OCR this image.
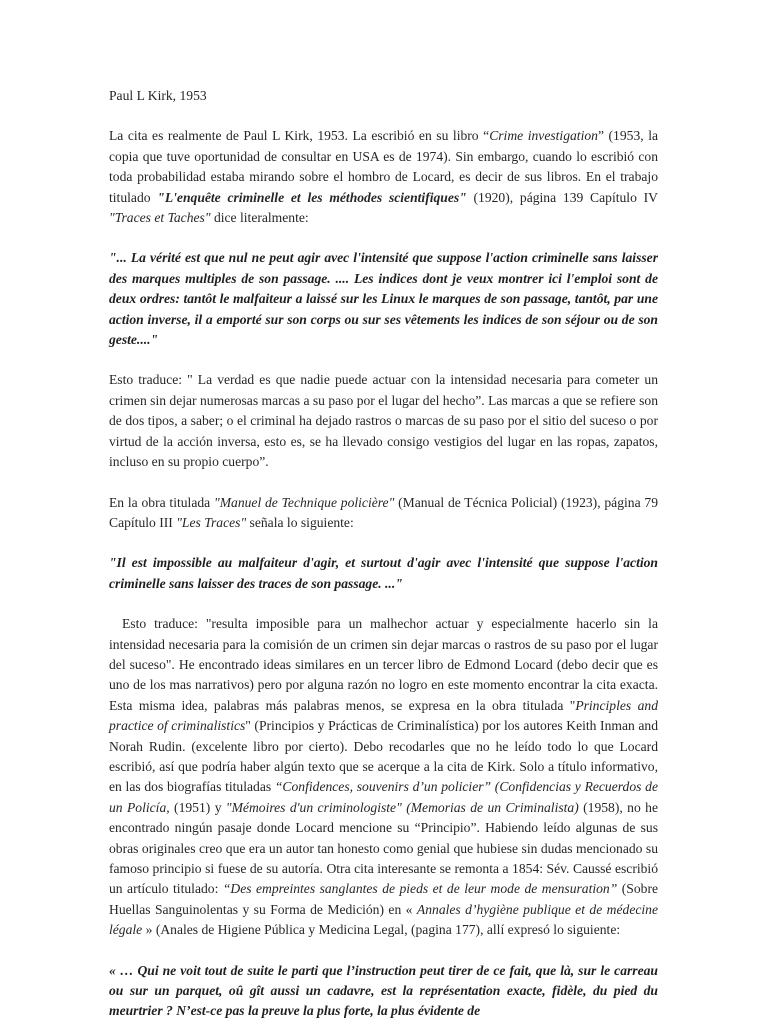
Paul L Kirk, 1953

La cita es realmente de Paul L Kirk, 1953. La escribió en su libro “Crime investigation” (1953, la copia que tuve oportunidad de consultar en USA es de 1974). Sin embargo, cuando lo escribió con toda probabilidad estaba mirando sobre el hombro de Locard, es decir de sus libros. En el trabajo titulado "L'enquête criminelle et les méthodes scientifiques" (1920), página 139 Capítulo IV "Traces et Taches" dice literalmente:

"... La vérité est que nul ne peut agir avec l'intensité que suppose l'action criminelle sans laisser des marques multiples de son passage. .... Les indices dont je veux montrer ici l'emploi sont de deux ordres: tantôt le malfaiteur a laissé sur les Linux le marques de son passage, tantôt, par une action inverse, il a emporté sur son corps ou sur ses vêtements les indices de son séjour ou de son geste...."

Esto traduce: " La verdad es que nadie puede actuar con la intensidad necesaria para cometer un crimen sin dejar numerosas marcas a su paso por el lugar del hecho”. Las marcas a que se refiere son de dos tipos, a saber; o el criminal ha dejado rastros o marcas de su paso por el sitio del suceso o por virtud de la acción inversa, esto es, se ha llevado consigo vestigios del lugar en las ropas, zapatos, incluso en su propio cuerpo”.

En la obra titulada "Manuel de Technique policière" (Manual de Técnica Policial) (1923), página 79 Capítulo III "Les Traces" señala lo siguiente:

"Il est impossible au malfaiteur d'agir, et surtout d'agir avec l'intensité que suppose l'action criminelle sans laisser des traces de son passage. ..."

Esto traduce: "resulta imposible para un malhechor actuar y especialmente hacerlo sin la intensidad necesaria para la comisión de un crimen sin dejar marcas o rastros de su paso por el lugar del suceso". He encontrado ideas similares en un tercer libro de Edmond Locard (debo decir que es uno de los mas narrativos) pero por alguna razón no logro en este momento encontrar la cita exacta. Esta misma idea, palabras más palabras menos, se expresa en la obra titulada "Principles and practice of criminalistics" (Principios y Prácticas de Criminalística) por los autores Keith Inman and Norah Rudin. (excelente libro por cierto). Debo recodarles que no he leído todo lo que Locard escribió, así que podría haber algún texto que se acerque a la cita de Kirk. Solo a título informativo, en las dos biografías tituladas “Confidences, souvenirs d’un policier” (Confidencias y Recuerdos de un Policía, (1951) y "Mémoires d'un criminologiste" (Memorias de un Criminalista) (1958), no he encontrado ningún pasaje donde Locard mencione su “Principio”. Habiendo leído algunas de sus obras originales creo que era un autor tan honesto como genial que hubiese sin dudas mencionado su famoso principio si fuese de su autoría. Otra cita interesante se remonta a 1854: Sév. Caussé escribió un artículo titulado: “Des empreintes sanglantes de pieds et de leur mode de mensuration” (Sobre Huellas Sanguinolentas y su Forma de Medición) en « Annales d’hygiène publique et de médecine légale » (Anales de Higiene Pública y Medicina Legal, (pagina 177), allí expresó lo siguiente:

« … Qui ne voit tout de suite le parti que l’instruction peut tirer de ce fait, que là, sur le carreau ou sur un parquet, oû gît aussi un cadavre, est la représentation exacte, fidèle, du pied du meurtrier ? N’est-ce pas la preuve la plus forte, la plus évidente de
